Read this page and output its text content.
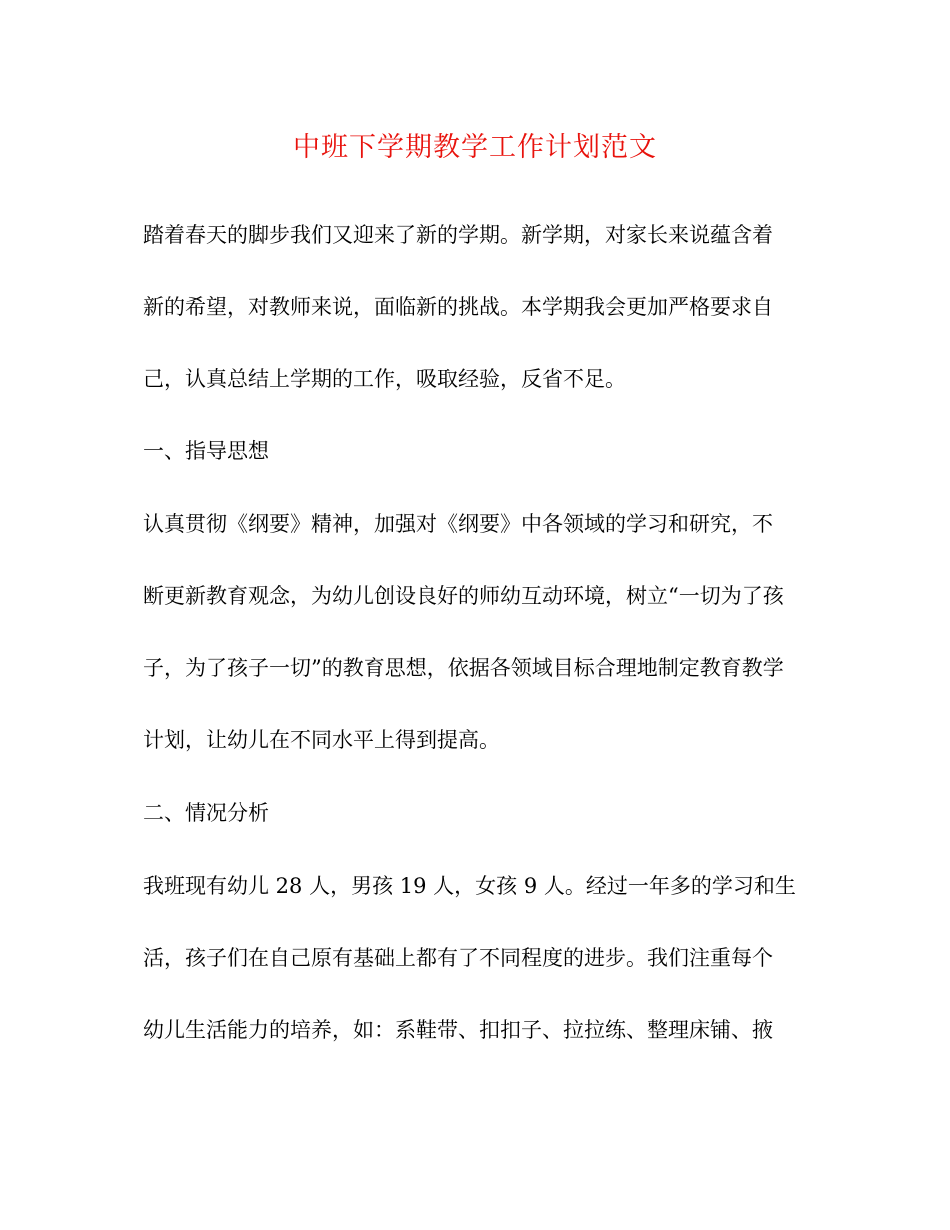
中班下学期教学工作计划范文
踏着春天的脚步我们又迎来了新的学期。新学期，对家长来说蕴含着
新的希望，对教师来说，面临新的挑战。本学期我会更加严格要求自
己，认真总结上学期的工作，吸取经验，反省不足。
一、指导思想
认真贯彻《纲要》精神，加强对《纲要》中各领域的学习和研究，不
断更新教育观念，为幼儿创设良好的师幼互动环境，树立“一切为了孩
子，为了孩子一切”的教育思想，依据各领域目标合理地制定教育教学
计划，让幼儿在不同水平上得到提高。
二、情况分析
我班现有幼儿 28 人，男孩 19 人，女孩 9 人。经过一年多的学习和生
活，孩子们在自己原有基础上都有了不同程度的进步。我们注重每个
幼儿生活能力的培养，如：系鞋带、扣扣子、拉拉练、整理床铺、掖
